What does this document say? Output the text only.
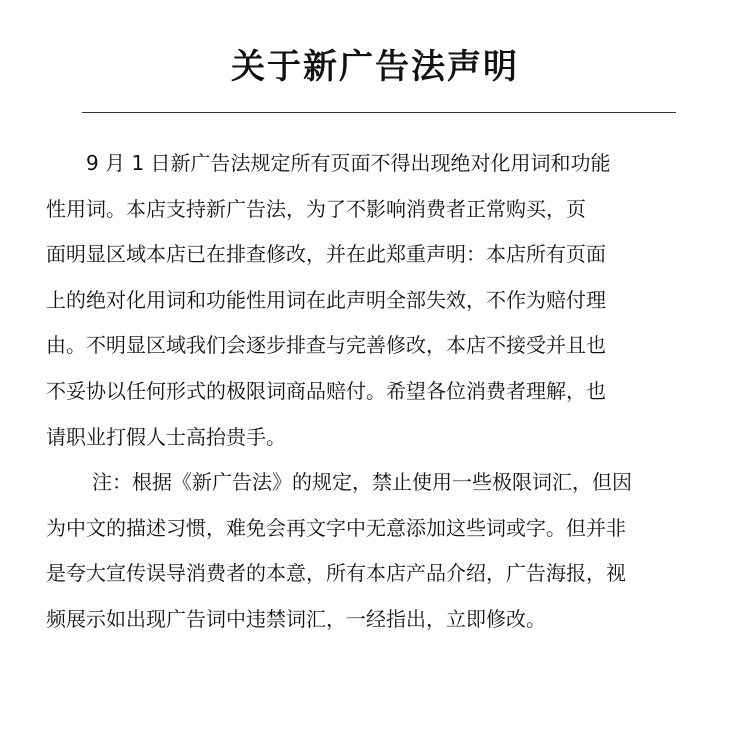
关于新广告法声明
9 月 1 日新广告法规定所有页面不得出现绝对化用词和功能
性用词。本店支持新广告法，为了不影响消费者正常购买，页
面明显区域本店已在排查修改，并在此郑重声明：本店所有页面
上的绝对化用词和功能性用词在此声明全部失效，不作为赔付理
由。不明显区域我们会逐步排查与完善修改，本店不接受并且也
不妥协以任何形式的极限词商品赔付。希望各位消费者理解，也
请职业打假人士高抬贵手。
注：根据《新广告法》的规定，禁止使用一些极限词汇，但因
为中文的描述习惯，难免会再文字中无意添加这些词或字。但并非
是夸大宣传误导消费者的本意，所有本店产品介绍，广告海报，视
频展示如出现广告词中违禁词汇，一经指出，立即修改。
